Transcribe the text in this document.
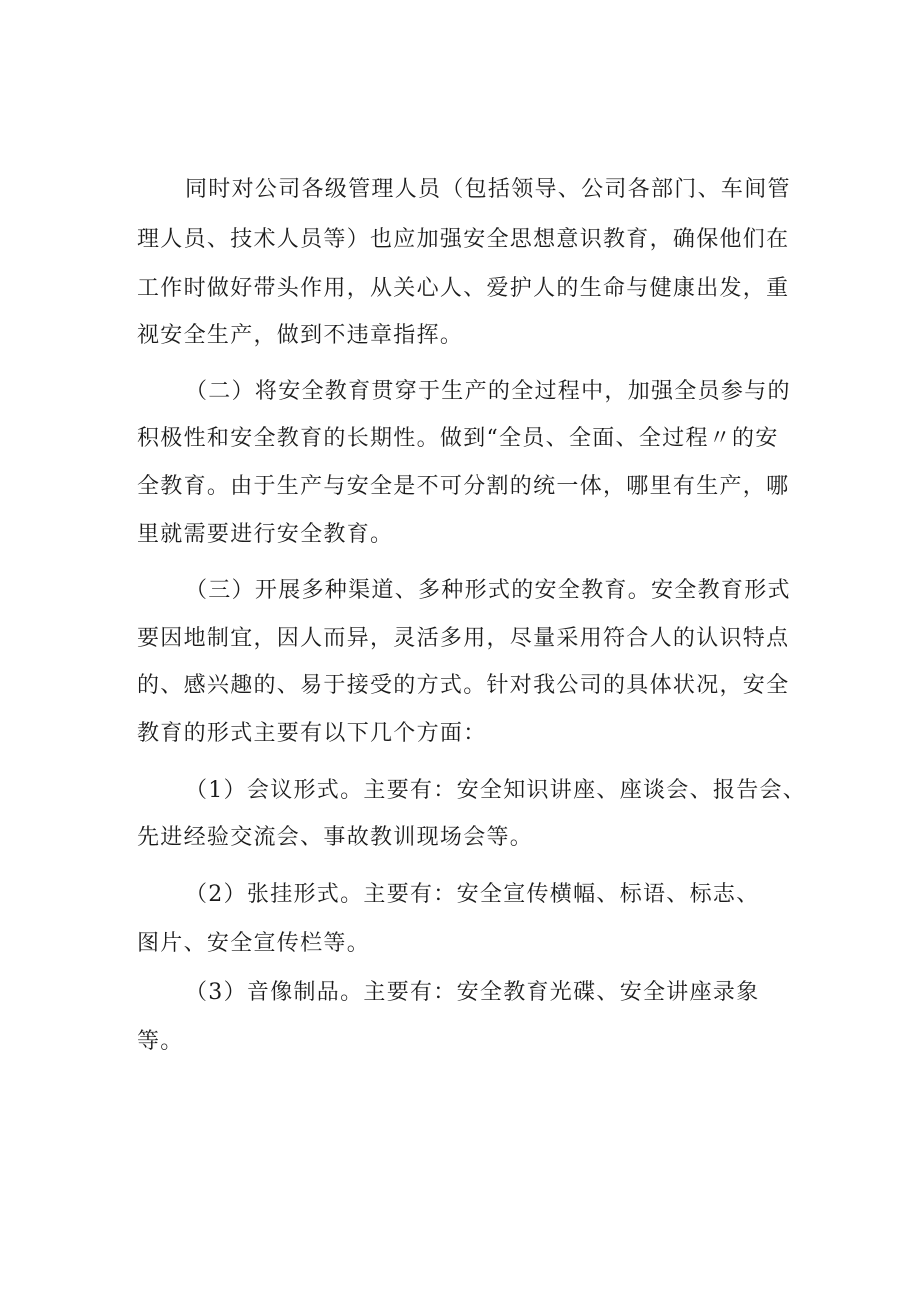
同时对公司各级管理人员（包括领导、公司各部门、车间管
理人员、技术人员等）也应加强安全思想意识教育，确保他们在
工作时做好带头作用，从关心人、爱护人的生命与健康出发，重
视安全生产，做到不违章指挥。
（二）将安全教育贯穿于生产的全过程中，加强全员参与的
积极性和安全教育的长期性。做到“全员、全面、全过程〃的安
全教育。由于生产与安全是不可分割的统一体，哪里有生产，哪
里就需要进行安全教育。
（三）开展多种渠道、多种形式的安全教育。安全教育形式
要因地制宜，因人而异，灵活多用，尽量采用符合人的认识特点
的、感兴趣的、易于接受的方式。针对我公司的具体状况，安全
教育的形式主要有以下几个方面：
（1）会议形式。主要有：安全知识讲座、座谈会、报告会、
先进经验交流会、事故教训现场会等。
（2）张挂形式。主要有：安全宣传横幅、标语、标志、
图片、安全宣传栏等。
（3）音像制品。主要有：安全教育光碟、安全讲座录象
等。
